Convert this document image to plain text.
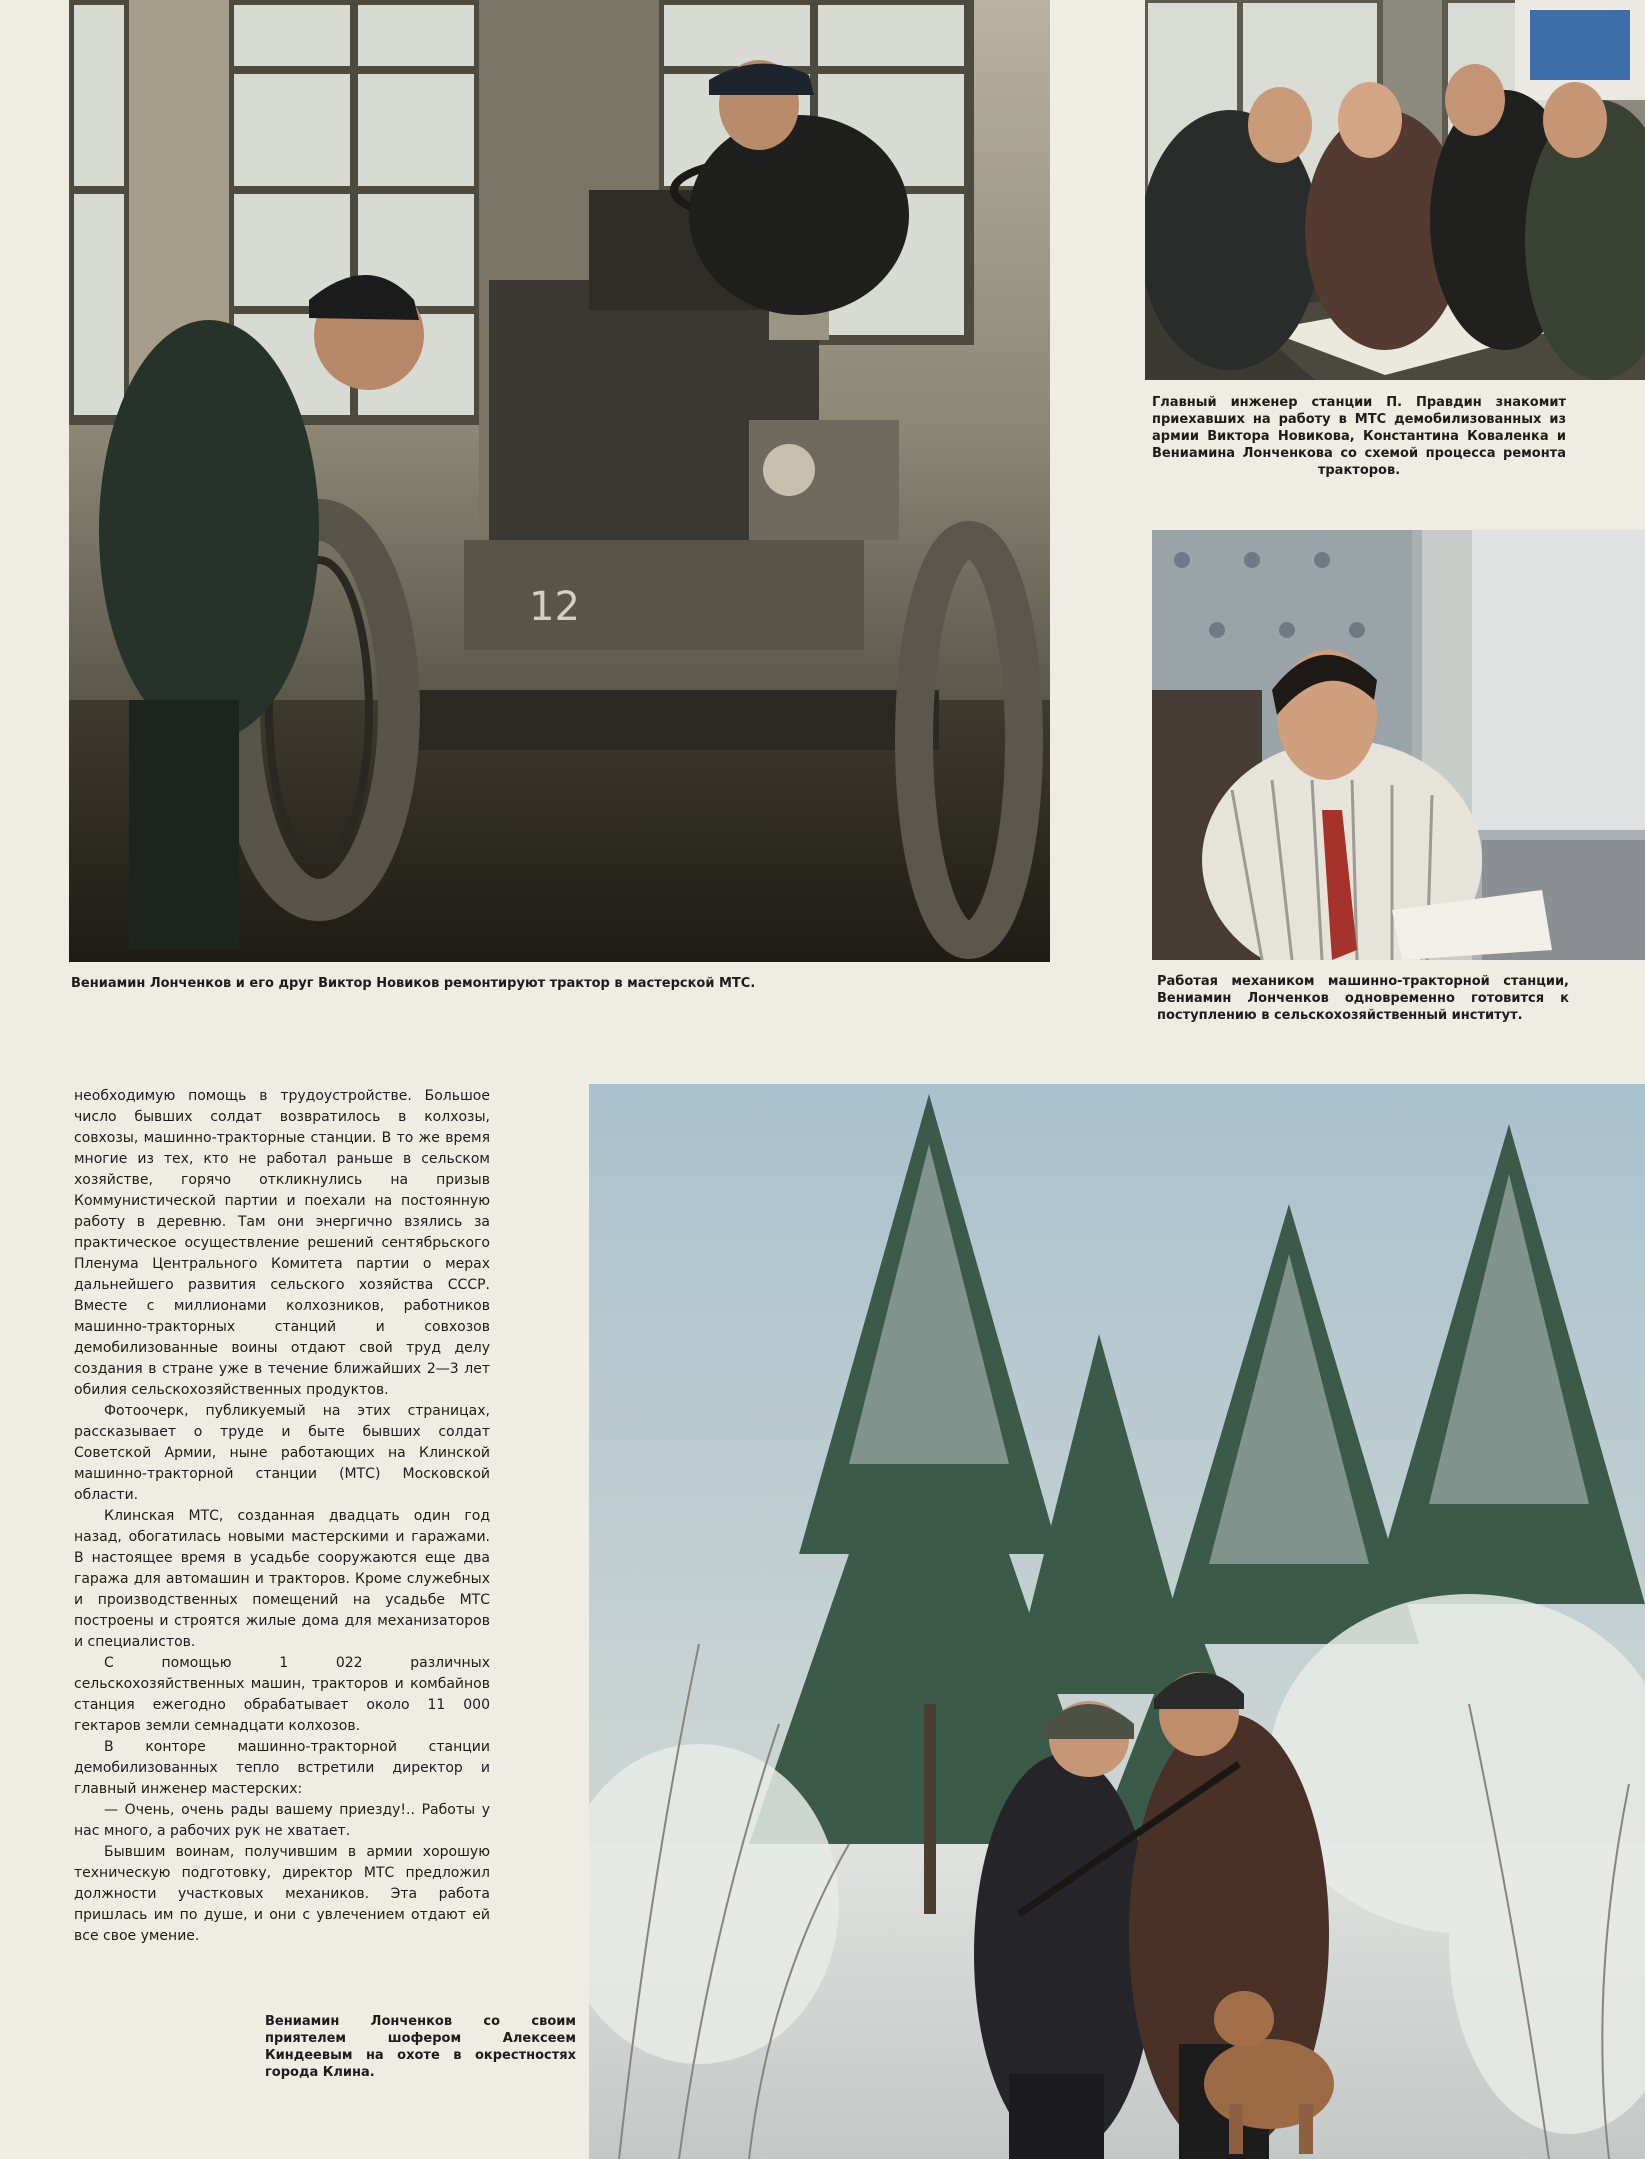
12

Вениамин Лонченков и его друг Виктор Новиков ремонтируют трактор в мастерской МТС.

Главный инженер станции П. Правдин знакомит приехавших на работу в МТС демобилизованных из армии Виктора Новикова, Константина Коваленка и Вениамина Лонченкова со схемой процесса ремонта тракторов.

Работая механиком машинно-тракторной станции, Вениамин Лонченков одновременно готовится к поступлению в сельскохозяйственный институт.

необходимую помощь в трудоустройстве. Большое число бывших солдат возвратилось в колхозы, совхозы, машинно-тракторные станции. В то же время многие из тех, кто не работал раньше в сельском хозяйстве, горячо откликнулись на призыв Коммунистической партии и поехали на постоянную работу в деревню. Там они энергично взялись за практическое осуществление решений сентябрьского Пленума Центрального Комитета партии о мерах дальнейшего развития сельского хозяйства СССР. Вместе с миллионами колхозников, работников машинно-тракторных станций и совхозов демобилизованные воины отдают свой труд делу создания в стране уже в течение ближайших 2—3 лет обилия сельскохозяйственных продуктов.

Фотоочерк, публикуемый на этих страницах, рассказывает о труде и быте бывших солдат Советской Армии, ныне работающих на Клинской машинно-тракторной станции (МТС) Московской области.

Клинская МТС, созданная двадцать один год назад, обогатилась новыми мастерскими и гаражами. В настоящее время в усадьбе сооружаются еще два гаража для автомашин и тракторов. Кроме служебных и производственных помещений на усадьбе МТС построены и строятся жилые дома для механизаторов и специалистов.

С помощью 1 022 различных сельскохозяйственных машин, тракторов и комбайнов станция ежегодно обрабатывает около 11 000 гектаров земли семнадцати колхозов.

В конторе машинно-тракторной станции демобилизованных тепло встретили директор и главный инженер мастерских:

— Очень, очень рады вашему приезду!.. Работы у нас много, а рабочих рук не хватает.

Бывшим воинам, получившим в армии хорошую техническую подготовку, директор МТС предложил должности участковых механиков. Эта работа пришлась им по душе, и они с увлечением отдают ей все свое умение.

Вениамин Лонченков со своим приятелем шофером Алексеем Киндеевым на охоте в окрестностях города Клина.
